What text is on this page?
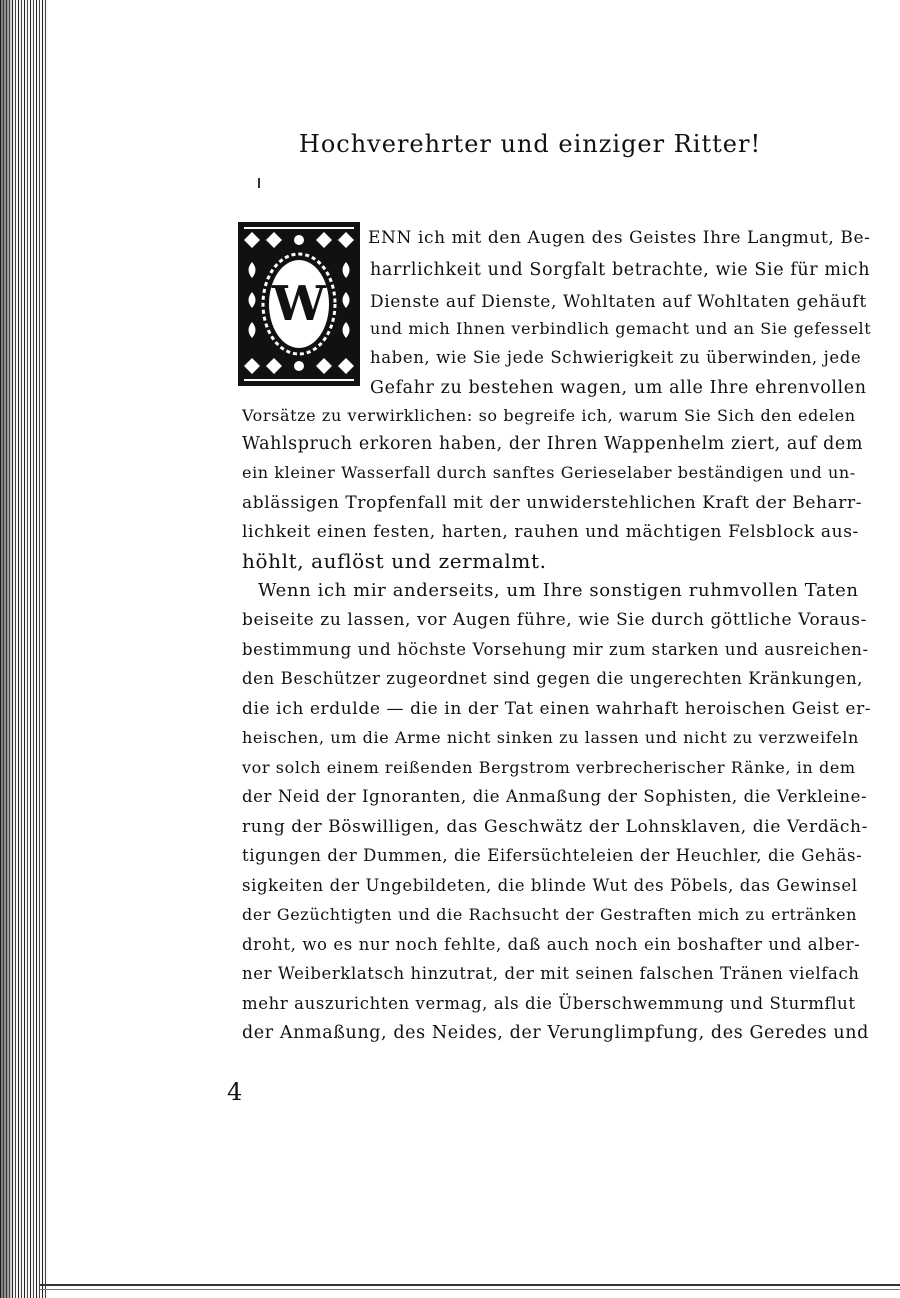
Hochverehrter und einziger Ritter!
W
ENN ich mit den Augen des Geistes Ihre Langmut, Be-
harrlichkeit und Sorgfalt betrachte, wie Sie für mich
Dienste auf Dienste, Wohltaten auf Wohltaten gehäuft
und mich Ihnen verbindlich gemacht und an Sie gefesselt
haben, wie Sie jede Schwierigkeit zu überwinden, jede
Gefahr zu bestehen wagen, um alle Ihre ehrenvollen
Vorsätze zu verwirklichen: so begreife ich, warum Sie Sich den edelen
Wahlspruch erkoren haben, der Ihren Wappenhelm ziert, auf dem
ein kleiner Wasserfall durch sanftes Gerieselaber beständigen und un-
ablässigen Tropfenfall mit der unwiderstehlichen Kraft der Beharr-
lichkeit einen festen, harten, rauhen und mächtigen Felsblock aus-
höhlt, auflöst und zermalmt.
Wenn ich mir anderseits, um Ihre sonstigen ruhmvollen Taten
beiseite zu lassen, vor Augen führe, wie Sie durch göttliche Voraus-
bestimmung und höchste Vorsehung mir zum starken und ausreichen-
den Beschützer zugeordnet sind gegen die ungerechten Kränkungen,
die ich erdulde — die in der Tat einen wahrhaft heroischen Geist er-
heischen, um die Arme nicht sinken zu lassen und nicht zu verzweifeln
vor solch einem reißenden Bergstrom verbrecherischer Ränke, in dem
der Neid der Ignoranten, die Anmaßung der Sophisten, die Verkleine-
rung der Böswilligen, das Geschwätz der Lohnsklaven, die Verdäch-
tigungen der Dummen, die Eifersüchteleien der Heuchler, die Gehäs-
sigkeiten der Ungebildeten, die blinde Wut des Pöbels, das Gewinsel
der Gezüchtigten und die Rachsucht der Gestraften mich zu ertränken
droht, wo es nur noch fehlte, daß auch noch ein boshafter und alber-
ner Weiberklatsch hinzutrat, der mit seinen falschen Tränen vielfach
mehr auszurichten vermag, als die Überschwemmung und Sturmflut
der Anmaßung, des Neides, der Verunglimpfung, des Geredes und
4
